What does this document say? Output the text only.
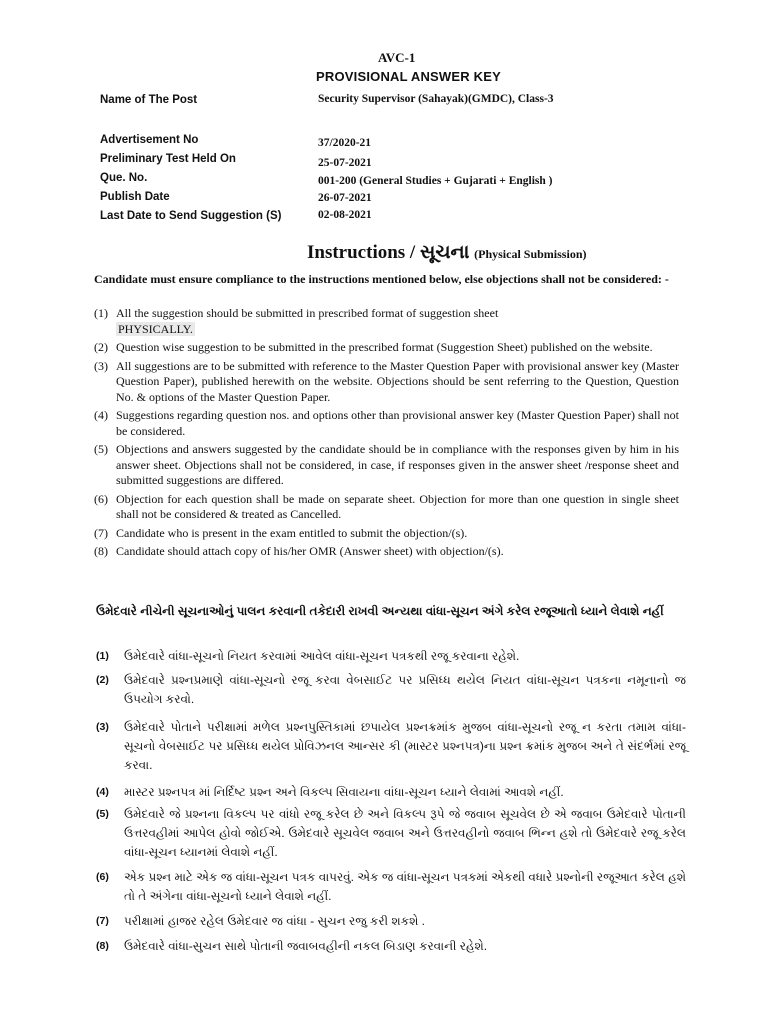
AVC-1
PROVISIONAL ANSWER KEY
Name of The Post	Security Supervisor (Sahayak)(GMDC), Class-3
Advertisement No	37/2020-21
Preliminary Test Held On	25-07-2021
Que. No.	001-200 (General Studies + Gujarati + English )
Publish Date	26-07-2021
Last Date to Send Suggestion (S)	02-08-2021
Instructions / સૂચના (Physical Submission)
Candidate must ensure compliance to the instructions mentioned below, else objections shall not be considered: -
(1) All the suggestion should be submitted in prescribed format of suggestion sheet
PHYSICALLY.
(2) Question wise suggestion to be submitted in the prescribed format (Suggestion Sheet) published on the website.
(3) All suggestions are to be submitted with reference to the Master Question Paper with provisional answer key (Master Question Paper), published herewith on the website. Objections should be sent referring to the Question, Question No. & options of the Master Question Paper.
(4) Suggestions regarding question nos. and options other than provisional answer key (Master Question Paper) shall not be considered.
(5) Objections and answers suggested by the candidate should be in compliance with the responses given by him in his answer sheet. Objections shall not be considered, in case, if responses given in the answer sheet /response sheet and submitted suggestions are differed.
(6) Objection for each question shall be made on separate sheet. Objection for more than one question in single sheet shall not be considered & treated as Cancelled.
(7) Candidate who is present in the exam entitled to submit the objection/(s).
(8) Candidate should attach copy of his/her OMR (Answer sheet) with objection/(s).
ઉમેદવારે નીચેની સૂચનાઓનું પાલન કરવાની તકેદારી રાખવી અન્યથા વાંધા-સૂચન અંગે કરેલ રજૂઆતો ધ્યાને લેવાશે નહીં
(1)	ઉમેદવારે વાંધા-સૂચનો નિયત કરવામાં આવેલ વાંધા-સૂચન પત્રકથી રજૂ કરવાના રહેશે.
(2)	ઉમેદવારે પ્રશ્નપ્રમાણે વાંધા-સૂચનો રજૂ કરવા વેબસાઈટ પર પ્રસિધ્ધ થયેલ નિયત વાંધા-સૂચન પત્રકના નમૂનાનો જ ઉપયોગ કરવો.
(3)	ઉમેદવારે પોતાને પરીક્ષામાં મળેલ પ્રશ્નપુસ્તિકામાં છપાયેલ પ્રશ્નક્રમાંક મુજબ વાંધા-સૂચનો રજૂ ન કરતા તમામ વાંધા-સૂચનો વેબસાઈટ પર પ્રસિધ્ધ થયેલ પ્રોવિઝનલ આન્સર કી (માસ્ટર પ્રશ્નપત્ર)ના પ્રશ્ન ક્રમાંક મુજબ અને તે સંદર્ભમાં રજૂ કરવા.
(4)	માસ્ટર પ્રશ્નપત્ર માં નિર્દિષ્ટ પ્રશ્ન અને વિકલ્પ સિવાયના વાંધા-સૂચન ધ્યાને લેવામાં આવશે નહીં.
(5)	ઉમેદવારે જે પ્રશ્નના વિકલ્પ પર વાંધો રજૂ કરેલ છે અને વિકલ્પ રૂપે જે જવાબ સૂચવેલ છે એ જવાબ ઉમેદવારે પોતાની ઉત્તરવહીમાં આપેલ હોવો જોઈએ. ઉમેદવારે સૂચવેલ જવાબ અને ઉત્તરવહીનો જવાબ ભિન્ન હશે તો ઉમેદવારે રજૂ કરેલ વાંધા-સૂચન ધ્યાનમાં લેવાશે નહીં.
(6)	એક પ્રશ્ન માટે એક જ વાંધા-સૂચન પત્રક વાપરવું. એક જ વાંધા-સૂચન પત્રકમાં એકથી વધારે પ્રશ્નોની રજૂઆત કરેલ હશે તો તે અંગેના વાંધા-સૂચનો ધ્યાને લેવાશે નહીં.
(7)	પરીક્ષામાં હાજર રહેલ ઉમેદવાર જ વાંધા - સુચન રજુ કરી શકશે .
(8)	ઉમેદવારે વાંધા-સુચન સાથે પોતાની જવાબવહીની નકલ બિડાણ કરવાની રહેશે.
